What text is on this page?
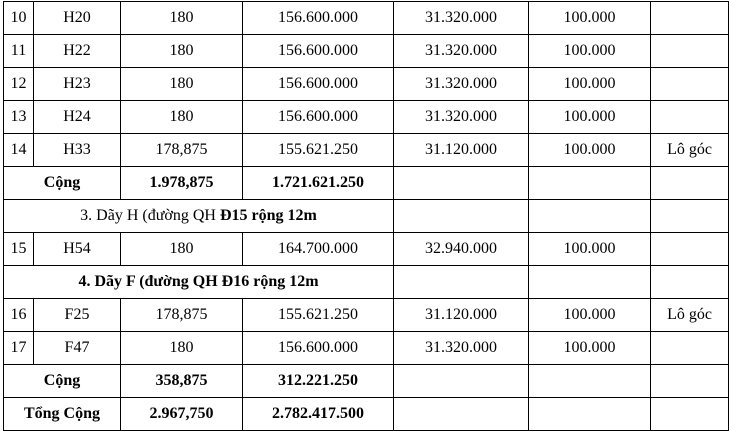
10	H20	180	156.600.000	31.320.000	100.000	
11	H22	180	156.600.000	31.320.000	100.000	
12	H23	180	156.600.000	31.320.000	100.000	
13	H24	180	156.600.000	31.320.000	100.000	
14	H33	178,875	155.621.250	31.120.000	100.000	Lô góc
Cộng		1.978,875	1.721.621.250			
3. Dãy H (đường QH Đ15 rộng 12m						
15	H54	180	164.700.000	32.940.000	100.000	
4. Dãy F (đường QH Đ16 rộng 12m						
16	F25	178,875	155.621.250	31.120.000	100.000	Lô góc
17	F47	180	156.600.000	31.320.000	100.000	
Cộng		358,875	312.221.250			
Tổng Cộng		2.967,750	2.782.417.500			
